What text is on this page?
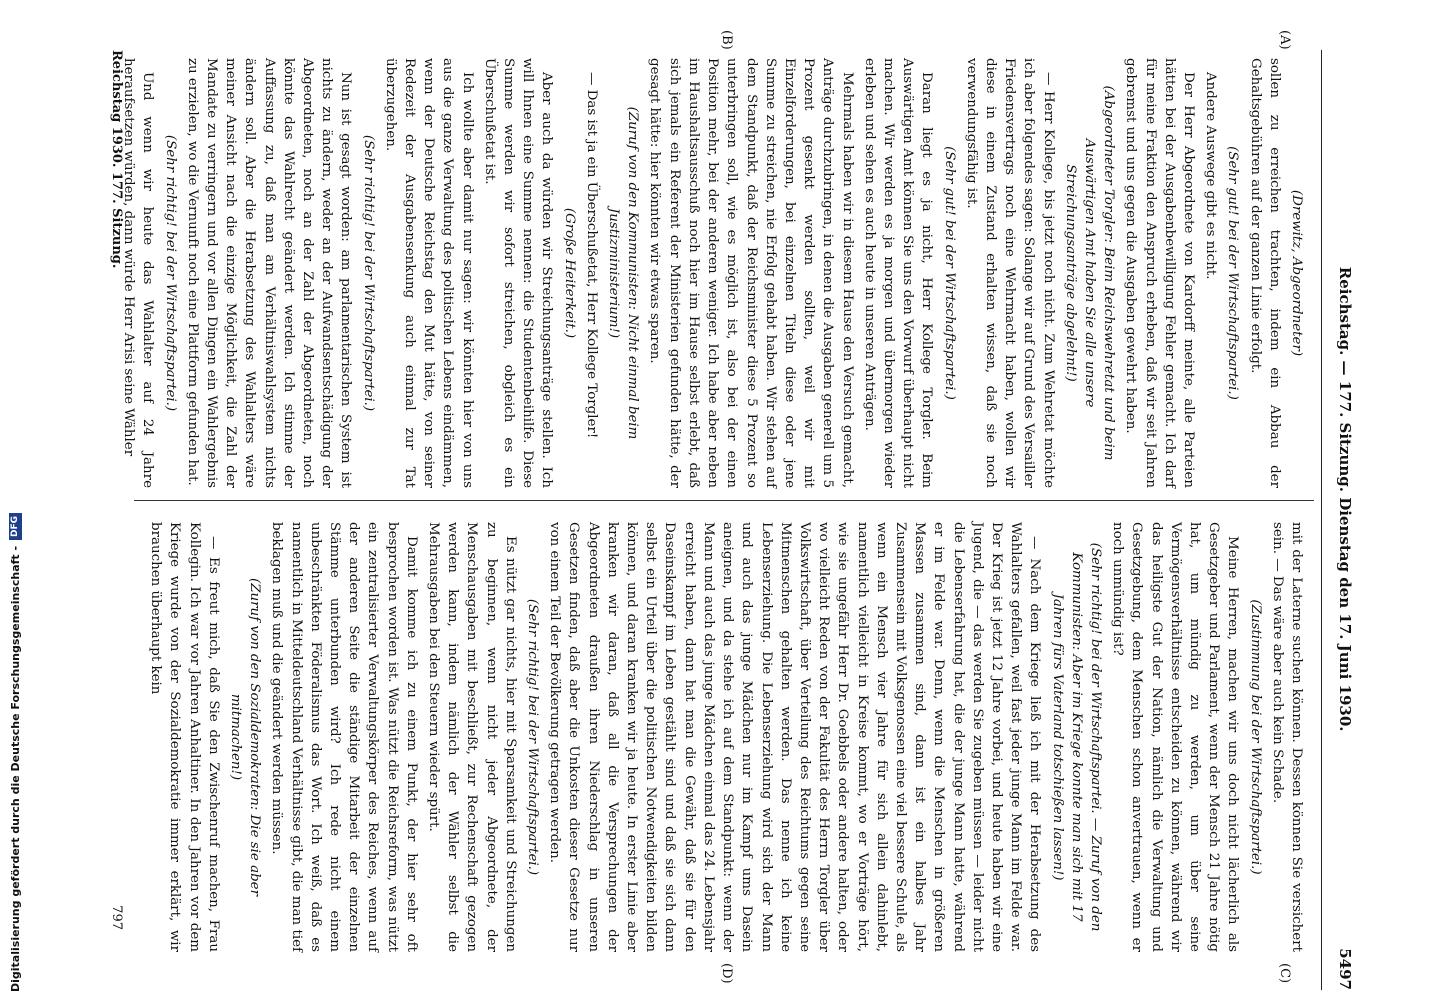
Reichstag. — 177. Sitzung. Dienstag den 17. Juni 1930.
5497
(A)
(B)
(C)
(D)

(Drewitz, Abgeordneter)

sollen zu erreichen trachten, indem ein Abbau der Gehaltsgebühren auf der ganzen Linie erfolgt.

(Sehr gut! bei der Wirtschaftspartei.)

Andere Auswege gibt es nicht.

Der Herr Abgeordnete von Kardorff meinte, alle Parteien hätten bei der Ausgabenbewilligung Fehler gemacht. Ich darf für meine Fraktion den Anspruch erheben, daß wir seit Jahren gebremst und uns gegen die Ausgaben gewehrt haben.

(Abgeordneter Torgler: Beim Reichswehretat und beim Auswärtigen Amt haben Sie alle unsere Streichungsanträge abgelehnt!)

— Herr Kollege, bis jetzt noch nicht. Zum Wehretat möchte ich aber folgendes sagen: Solange wir auf Grund des Versailler Friedensvertrags noch eine Wehrmacht haben, wollen wir diese in einem Zustand erhalten wissen, daß sie noch verwendungsfähig ist.

(Sehr gut! bei der Wirtschaftspartei.)

Daran liegt es ja nicht, Herr Kollege Torgler. Beim Auswärtigen Amt können Sie uns den Vorwurf überhaupt nicht machen. Wir werden es ja morgen und übermorgen wieder erleben und sehen es auch heute in unseren Anträgen.

Mehrmals haben wir in diesem Hause den Versuch gemacht, Anträge durchzubringen, in denen die Ausgaben generell um 5 Prozent gesenkt werden sollten, weil wir mit Einzelforderungen, bei einzelnen Titeln diese oder jene Summe zu streichen, nie Erfolg gehabt haben. Wir stehen auf dem Standpunkt, daß der Reichsminister diese 5 Prozent so unterbringen soll, wie es möglich ist, also bei der einen Position mehr, bei der anderen weniger. Ich habe aber neben im Haushaltsausschuß noch hier im Hause selbst erlebt, daß sich jemals ein Referent der Ministerien gefunden hätte, der gesagt hätte: hier könnten wir etwas sparen.

(Zuruf von den Kommunisten: Nicht einmal beim Justizministerium!)

— Das ist ja ein Überschußetat, Herr Kollege Torgler!

(Große Heiterkeit.)

Aber auch da würden wir Streichungsanträge stellen. Ich will Ihnen eine Summe nennen: die Studentenbeihilfe. Diese Summe werden wir sofort streichen, obgleich es ein Überschußetat ist.

Ich wollte aber damit nur sagen: wir könnten hier von uns aus die ganze Verwaltung des politischen Lebens eindämmen, wenn der Deutsche Reichstag den Mut hätte, von seiner Redezeit der Ausgabensenkung auch einmal zur Tat überzugehen.

(Sehr richtig! bei der Wirtschaftspartei.)

Nun ist gesagt worden: am parlamentarischen System ist nichts zu ändern, weder an der Aufwandsentschädigung der Abgeordneten, noch an der Zahl der Abgeordneten, noch könnte das Wahlrecht geändert werden. Ich stimme der Auffassung zu, daß man am Verhältniswahlsystem nichts ändern soll. Aber die Herabsetzung des Wahlalters wäre meiner Ansicht nach die einzige Möglichkeit, die Zahl der Mandate zu verringern und vor allen Dingen ein Wahlergebnis zu erzielen, wo die Vernunft noch eine Plattform gefunden hat.

(Sehr richtig! bei der Wirtschaftspartei.)

Und wenn wir heute das Wahlalter auf 24 Jahre heraufsetzen würden, dann würde Herr Arisi seine Wähler

mit der Laterne suchen können. Dessen können Sie versichert sein. — Das wäre aber auch kein Schade.

(Zustimmung bei der Wirtschaftspartei.)

Meine Herren, machen wir uns doch nicht lächerlich als Gesetzgeber und Parlament, wenn der Mensch 21 Jahre nötig hat, um mündig zu werden, um über seine Vermögensverhältnisse entscheiden zu können, während wir das heiligste Gut der Nation, nämlich die Verwaltung und Gesetzgebung, dem Menschen schon anvertrauen, wenn er noch unmündig ist?

(Sehr richtig! bei der Wirtschaftspartei. — Zuruf von den Kommunisten: Aber im Kriege konnte man sich mit 17 Jahren fürs Vaterland totschießen lassen!)

— Nach dem Kriege ließ ich mit der Herabsetzung des Wahlalters gefallen, weil fast jeder junge Mann im Felde war. Der Krieg ist jetzt 12 Jahre vorbei, und heute haben wir eine Jugend, die — das werden Sie zugeben müssen — leider nicht die Lebenserfahrung hat, die der junge Mann hatte, während er im Felde war. Denn, wenn die Menschen in größeren Massen zusammen sind, dann ist ein halbes Jahr Zusammensein mit Volksgenossen eine viel bessere Schule, als wenn ein Mensch vier Jahre für sich allein dahinlebt, namentlich vielleicht in Kreise kommt, wo er Vorträge hört, wie sie ungefähr Herr Dr. Goebbels oder andere halten, oder wo vielleicht Reden von der Fakultät des Herrn Torgler über Volkswirtschaft, über Verteilung des Reichtums gegen seine Mitmenschen gehalten werden. Das nenne ich keine Lebenserziehung. Die Lebenserziehung wird sich der Mann und auch das junge Mädchen nur im Kampf ums Dasein aneignen, und da stehe ich auf dem Standpunkt: wenn der Mann und auch das junge Mädchen einmal das 24. Lebensjahr erreicht haben, dann hat man die Gewähr, daß sie für den Daseinskampf im Leben gestählt sind und daß sie sich dann selbst ein Urteil über die politischen Notwendigkeiten bilden können, und daran kranken wir ja heute. In erster Linie aber kranken wir daran, daß all die Versprechungen der Abgeordneten draußen ihren Niederschlag in unseren Gesetzen finden, daß aber die Unkosten dieser Gesetze nur von einem Teil der Bevölkerung getragen werden.

(Sehr richtig! bei der Wirtschaftspartei.)

Es nützt gar nichts, hier mit Sparsamkeit und Streichungen zu beginnen, wenn nicht jeder Abgeordnete, der Menschausgaben mit beschließt, zur Rechenschaft gezogen werden kann, indem nämlich der Wähler selbst die Mehrausgaben bei den Steuern wieder spürt.

Damit komme ich zu einem Punkt, der hier sehr oft besprochen worden ist. Was nützt die Reichsreform, was nützt ein zentralisierter Verwaltungskörper des Reiches, wenn auf der anderen Seite die ständige Mitarbeit der einzelnen Stämme unterbunden wird? Ich rede nicht einem unbeschränkten Föderalismus das Wort. Ich weiß, daß es namentlich in Mitteldeutschland Verhältnisse gibt, die man tief beklagen muß und die geändert werden müssen.

(Zuruf von den Sozialdemokraten: Die sie aber mitmachen!)

— Es freut mich, daß Sie den Zwischenruf machen, Frau Kollegin. Ich war vor Jahren Anhaltiner. In den Jahren vor dem Kriege wurde von der Sozialdemokratie immer erklärt, wir brauchen überhaupt kein

Reichstag 1930. 177. Sitzung.
797
Digitalisierung gefördert durch die Deutsche Forschungsgemeinschaft -
DFG
